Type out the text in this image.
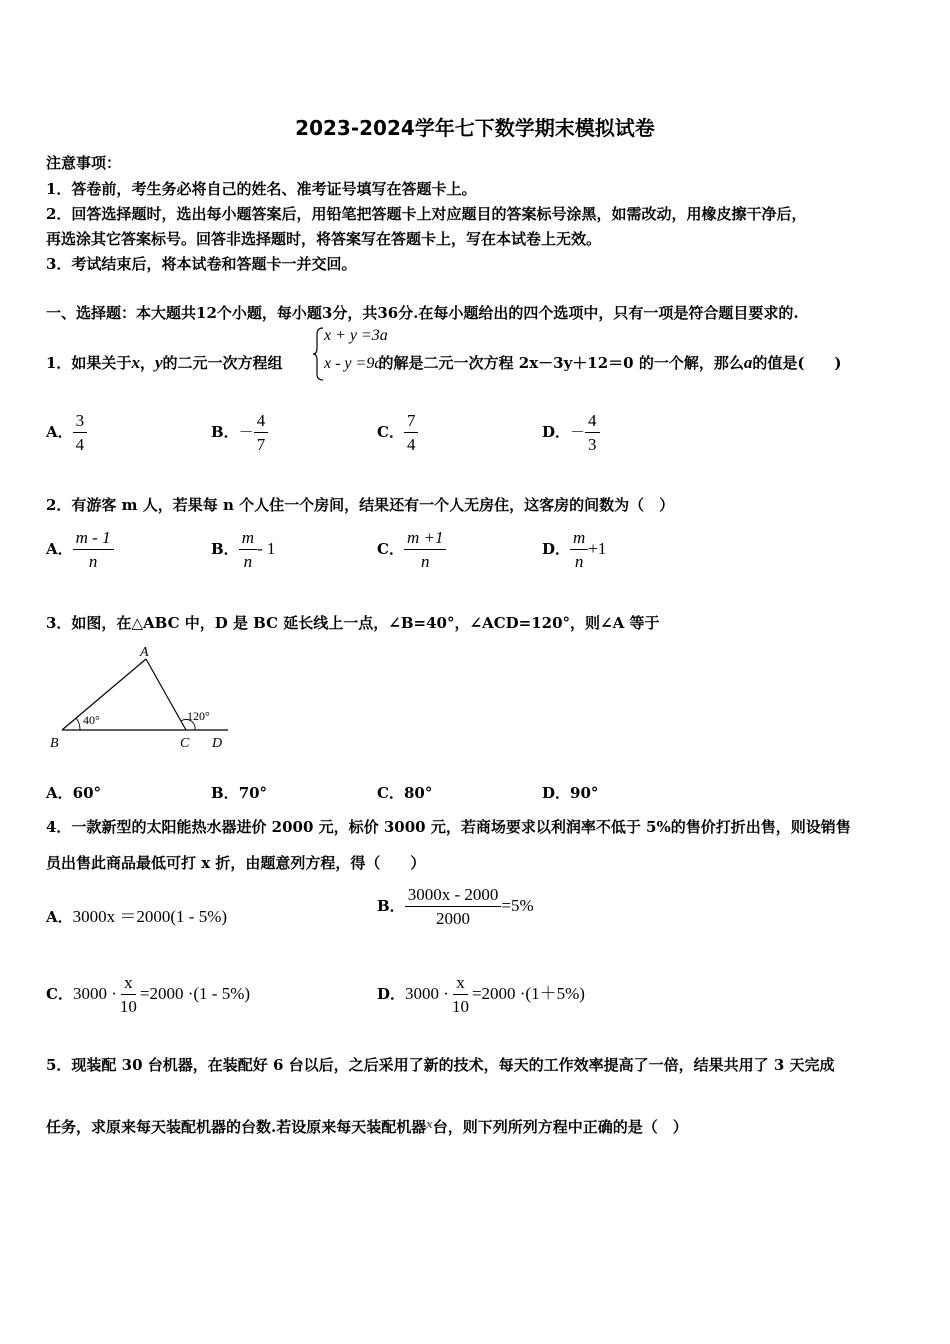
2023-2024学年七下数学期末模拟试卷
注意事项：
1．答卷前，考生务必将自己的姓名、准考证号填写在答题卡上。
2．回答选择题时，选出每小题答案后，用铅笔把答题卡上对应题目的答案标号涂黑，如需改动，用橡皮擦干净后，
再选涂其它答案标号。回答非选择题时，将答案写在答题卡上，写在本试卷上无效。
3．考试结束后，将本试卷和答题卡一并交回。
一、选择题：本大题共12个小题，每小题3分，共36分.在每小题给出的四个选项中，只有一项是符合题目要求的.
1．如果关于x，y的二元一次方程组	的解是二元一次方程 2x－3y＋12＝0 的一个解，那么a的值是(　　)
x + y =3a
x - y =9a
A． $\frac{3}{4}$	B．－ $\frac{4}{7}$	C． $\frac{7}{4}$	D．－ $\frac{4}{3}$
2．有游客 m 人，若果每 n 个人住一个房间，结果还有一个人无房住，这客房的间数为（　）
A． $\frac{m - 1}{n}$	B． $\frac{m}{n} - 1$	C． $\frac{m +1}{n}$	D． $\frac{m}{n} +1$
3．如图，在△ABC 中，D 是 BC 延长线上一点，∠B=40°，∠ACD=120°，则∠A 等于
A
B	C D
40°	120°
A．60°	B．70°	C．80°	D．90°
4．一款新型的太阳能热水器进价 2000 元，标价 3000 元，若商场要求以利润率不低于 5%的售价打折出售，则设销售
员出售此商品最低可打 x 折，由题意列方程，得（　　）
A．3000x ＝2000(1 - 5%)
B． $\frac{3000x - 2000}{2000} =5\%$
C．$3000 \cdot \frac{x}{10} =2000 \cdot(1 - 5\%)$	D．$3000 \cdot \frac{x}{10} =2000 \cdot(1+5\%)$
5．现装配 30 台机器，在装配好 6 台以后，之后采用了新的技术，每天的工作效率提高了一倍，结果共用了 3 天完成
任务，求原来每天装配机器的台数.若设原来每天装配机器x台，则下列所列方程中正确的是（　）
